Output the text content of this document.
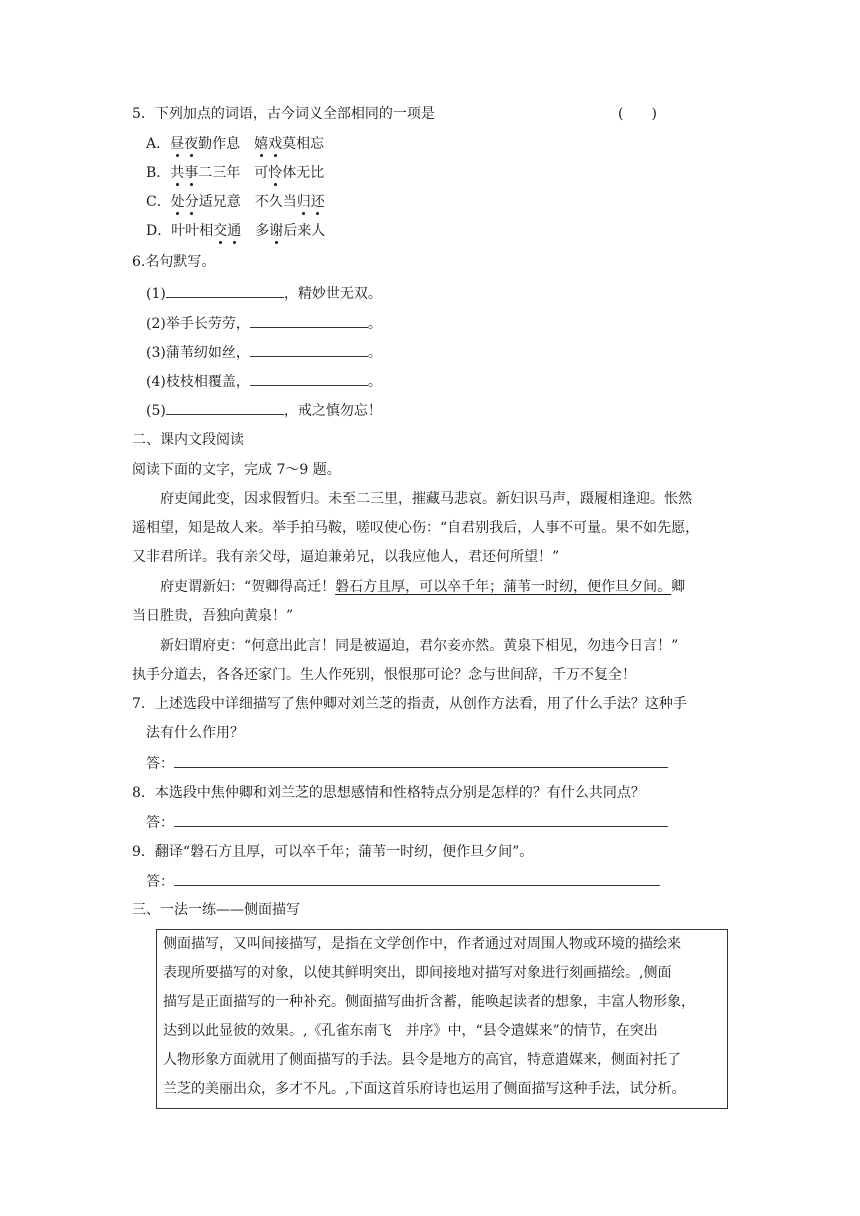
5．下列加点的词语，古今词义全部相同的一项是	(　　)
A．昼夜勤作息　嬉戏莫相忘
B．共事二三年　可怜体无比
C．处分适兄意　不久当归还
D．叶叶相交通　多谢后来人
6.名句默写。
(1)	，精妙世无双。
(2)举手长劳劳，	。
(3)蒲苇纫如丝，	。
(4)枝枝相覆盖，	。
(5)	，戒之慎勿忘！
二、课内文段阅读
阅读下面的文字，完成 7～9 题。
府吏闻此变，因求假暂归。未至二三里，摧藏马悲哀。新妇识马声，蹑履相逢迎。怅然
遥相望，知是故人来。举手拍马鞍，嗟叹使心伤：“自君别我后，人事不可量。果不如先愿，
又非君所详。我有亲父母，逼迫兼弟兄，以我应他人，君还何所望！”
府吏谓新妇：“贺卿得高迁！磐石方且厚，可以卒千年；蒲苇一时纫，便作旦夕间。卿
当日胜贵，吾独向黄泉！”
新妇谓府吏：“何意出此言！同是被逼迫，君尔妾亦然。黄泉下相见，勿违今日言！”
执手分道去，各各还家门。生人作死别，恨恨那可论？念与世间辞，千万不复全！
7．上述选段中详细描写了焦仲卿对刘兰芝的指责，从创作方法看，用了什么手法？这种手
法有什么作用？
答：
8．本选段中焦仲卿和刘兰芝的思想感情和性格特点分别是怎样的？有什么共同点？
答：
9．翻译“磐石方且厚，可以卒千年；蒲苇一时纫，便作旦夕间”。
答：
三、一法一练——侧面描写
侧面描写，又叫间接描写，是指在文学创作中，作者通过对周围人物或环境的描绘来
表现所要描写的对象，以使其鲜明突出，即间接地对描写对象进行刻画描绘。,侧面
描写是正面描写的一种补充。侧面描写曲折含蓄，能唤起读者的想象，丰富人物形象，
达到以此显彼的效果。,《孔雀东南飞　并序》中，“县令遣媒来”的情节，在突出
人物形象方面就用了侧面描写的手法。县令是地方的高官，特意遣媒来，侧面衬托了
兰芝的美丽出众，多才不凡。,下面这首乐府诗也运用了侧面描写这种手法，试分析。
